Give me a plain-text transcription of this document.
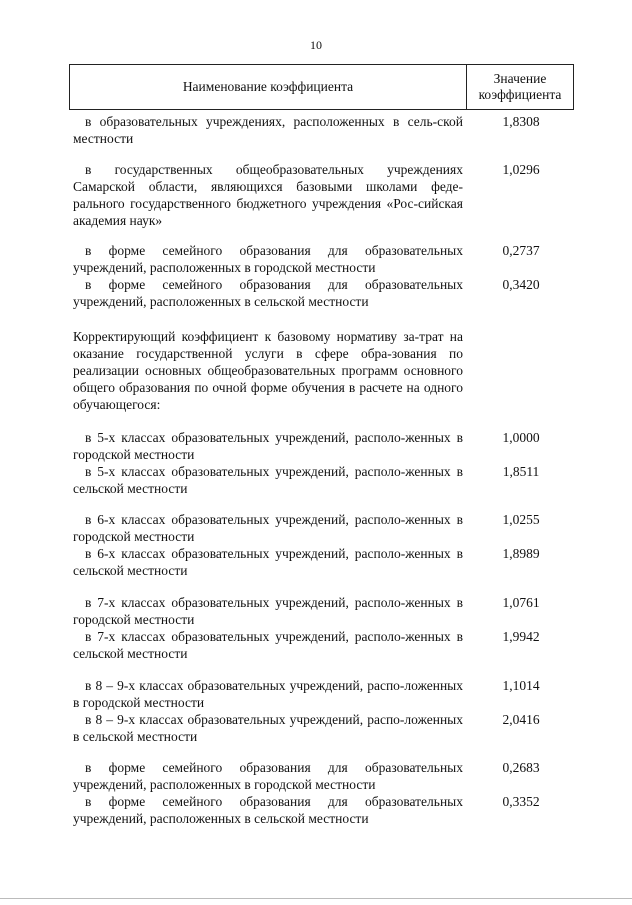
10
Наименование коэффициента
Значение
коэффициента
в образовательных учреждениях, расположенных в сель-ской местности
1,8308
в государственных общеобразовательных учреждениях Самарской области, являющихся базовыми школами феде-рального государственного бюджетного учреждения «Рос-сийская академия наук»
1,0296
в форме семейного образования для образовательных учреждений, расположенных в городской местности
0,2737
в форме семейного образования для образовательных учреждений, расположенных в сельской местности
0,3420
Корректирующий коэффициент к базовому нормативу за-трат на оказание государственной услуги в сфере обра-зования по реализации основных общеобразовательных программ основного общего образования по очной форме обучения в расчете на одного обучающегося:
в 5-х классах образовательных учреждений, располо-женных в городской местности
1,0000
в 5-х классах образовательных учреждений, располо-женных в сельской местности
1,8511
в 6-х классах образовательных учреждений, располо-женных в городской местности
1,0255
в 6-х классах образовательных учреждений, располо-женных в сельской местности
1,8989
в 7-х классах образовательных учреждений, располо-женных в городской местности
1,0761
в 7-х классах образовательных учреждений, располо-женных в сельской местности
1,9942
в 8 – 9-х классах образовательных учреждений, распо-ложенных в городской местности
1,1014
в 8 – 9-х классах образовательных учреждений, распо-ложенных в сельской местности
2,0416
в форме семейного образования для образовательных учреждений, расположенных в городской местности
0,2683
в форме семейного образования для образовательных учреждений, расположенных в сельской местности
0,3352
